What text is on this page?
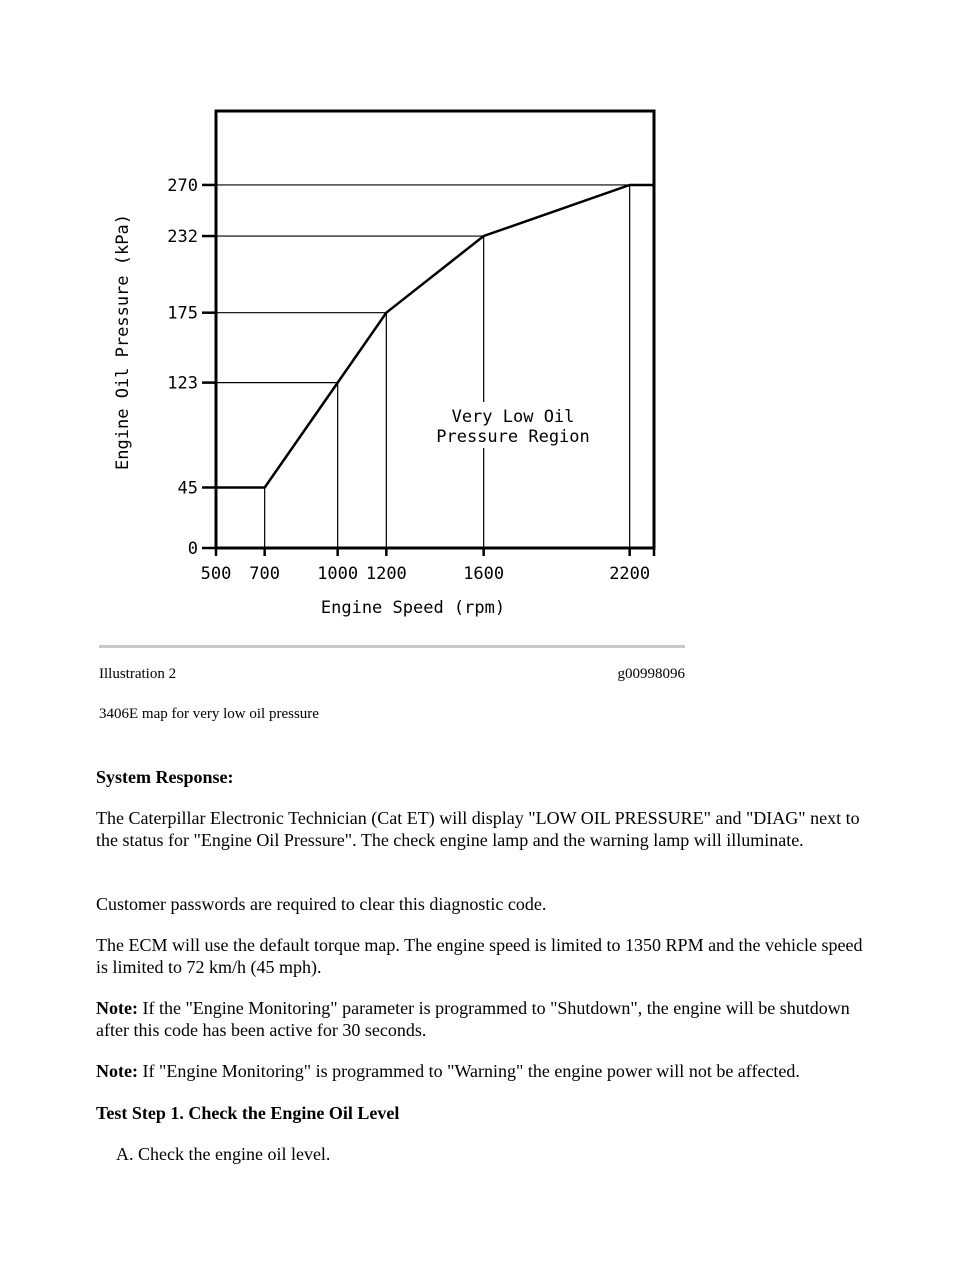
0
45
123
175
232
270
500 700 1000 1200	1600	2200
Very Low Oil
Pressure Region
Engine Speed (rpm)
Engine Oil Pressure (kPa)
Illustration 2	g00998096
3406E map for very low oil pressure

System Response:

The Caterpillar Electronic Technician (Cat ET) will display "LOW OIL PRESSURE" and "DIAG" next to the status for "Engine Oil Pressure". The check engine lamp and the warning lamp will illuminate.

Customer passwords are required to clear this diagnostic code.

The ECM will use the default torque map. The engine speed is limited to 1350 RPM and the vehicle speed is limited to 72 km/h (45 mph).

Note: If the "Engine Monitoring" parameter is programmed to "Shutdown", the engine will be shutdown after this code has been active for 30 seconds.

Note: If "Engine Monitoring" is programmed to "Warning" the engine power will not be affected.

Test Step 1. Check the Engine Oil Level

A. Check the engine oil level.
